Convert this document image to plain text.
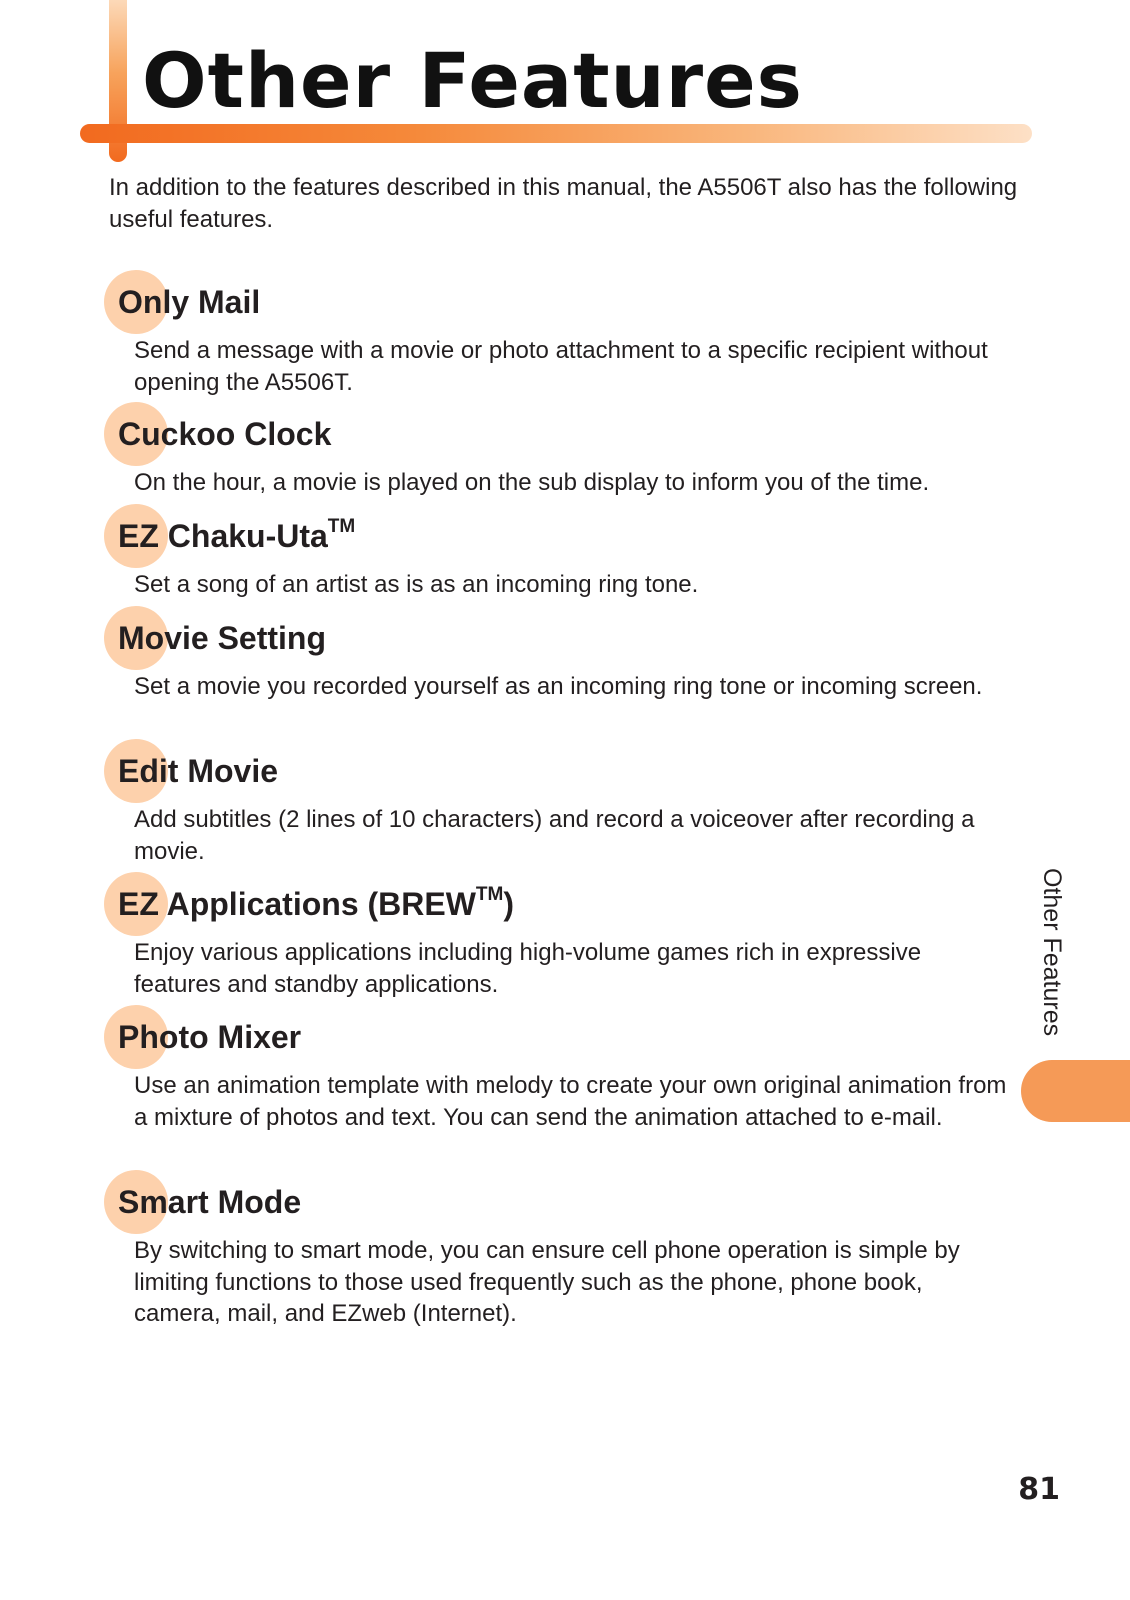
Other Features

In addition to the features described in this manual, the A5506T also has the following useful features.

Only Mail

Send a message with a movie or photo attachment to a specific recipient without opening the A5506T.

Cuckoo Clock

On the hour, a movie is played on the sub display to inform you of the time.

EZ Chaku-Uta™

Set a song of an artist as is as an incoming ring tone.

Movie Setting

Set a movie you recorded yourself as an incoming ring tone or incoming screen.

Edit Movie

Add subtitles (2 lines of 10 characters) and record a voiceover after recording a movie.

EZ Applications (BREW™)

Enjoy various applications including high-volume games rich in expressive features and standby applications.

Photo Mixer

Use an animation template with melody to create your own original animation from a mixture of photos and text. You can send the animation attached to e-mail.

Smart Mode

By switching to smart mode, you can ensure cell phone operation is simple by limiting functions to those used frequently such as the phone, phone book, camera, mail, and EZweb (Internet).

Other Features
81
